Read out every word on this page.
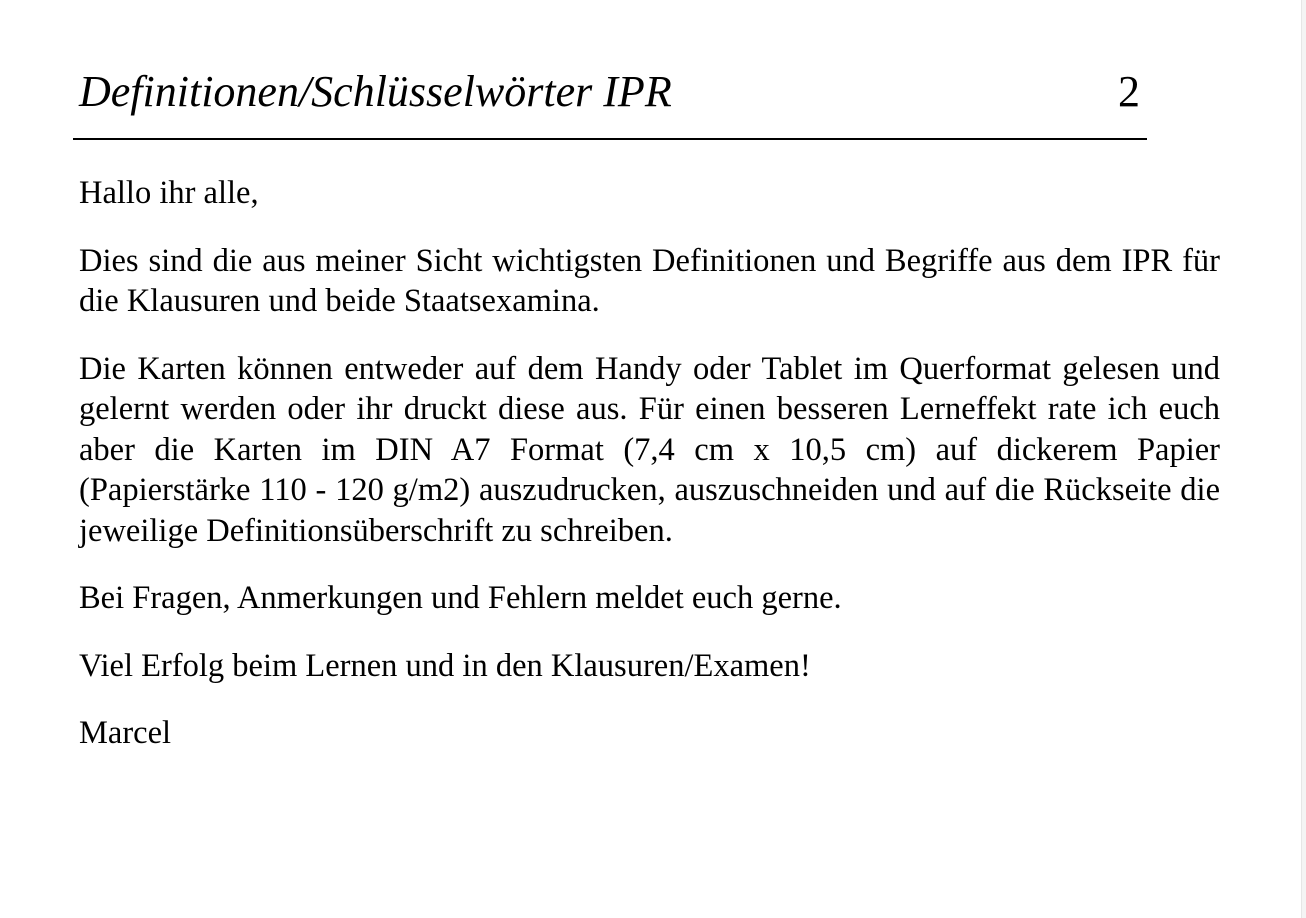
Definitionen/Schlüsselwörter IPR	2

Hallo ihr alle,

Dies sind die aus meiner Sicht wichtigsten Definitionen und Begriffe aus dem IPR für die Klausuren und beide Staatsexamina.

Die Karten können entweder auf dem Handy oder Tablet im Querformat gelesen und gelernt werden oder ihr druckt diese aus. Für einen besseren Lerneffekt rate ich euch aber die Karten im DIN A7 Format (7,4 cm x 10,5 cm) auf dickerem Papier (Papierstärke 110 - 120 g/m2) auszudrucken, auszuschneiden und auf die Rückseite die jeweilige Definitionsüberschrift zu schreiben.

Bei Fragen, Anmerkungen und Fehlern meldet euch gerne.

Viel Erfolg beim Lernen und in den Klausuren/Examen!

Marcel
